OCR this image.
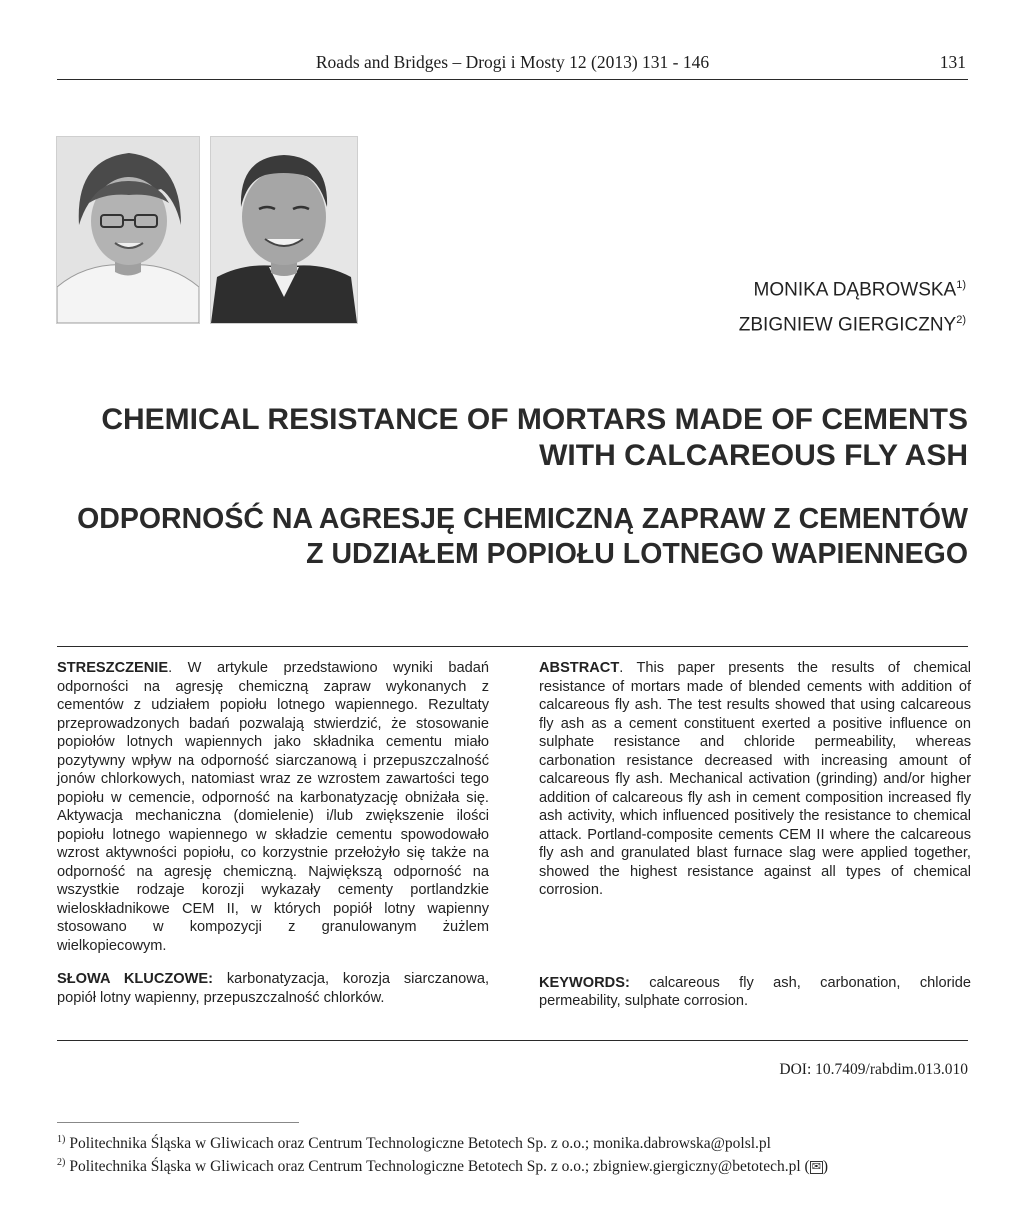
Roads and Bridges – Drogi i Mosty 12 (2013) 131 - 146	131
MONIKA DĄBROWSKA$^{1)}$
ZBIGNIEW GIERGICZNY$^{2)}$
CHEMICAL RESISTANCE OF MORTARS MADE OF CEMENTS
WITH CALCAREOUS FLY ASH
ODPORNOŚĆ NA AGRESJĘ CHEMICZNĄ ZAPRAW Z CEMENTÓW
Z UDZIAŁEM POPIOŁU LOTNEGO WAPIENNEGO
STRESZCZENIE. W artykule przedstawiono wyniki badań odporności na agresję chemiczną zapraw wykonanych z cementów z udziałem popiołu lotnego wapiennego. Rezultaty przeprowadzonych badań pozwalają stwierdzić, że stosowanie popiołów lotnych wapiennych jako składnika cementu miało pozytywny wpływ na odporność siarczanową i przepuszczalność jonów chlorkowych, natomiast wraz ze wzrostem zawartości tego popiołu w cemencie, odporność na karbonatyzację obniżała się. Aktywacja mechaniczna (domielenie) i/lub zwiększenie ilości popiołu lotnego wapiennego w składzie cementu spowodowało wzrost aktywności popiołu, co korzystnie przełożyło się także na odporność na agresję chemiczną. Największą odporność na wszystkie rodzaje korozji wykazały cementy portlandzkie wieloskładnikowe CEM II, w których popiół lotny wapienny stosowano w kompozycji z granulowanym żużlem wielkopiecowym.
SŁOWA KLUCZOWE: karbonatyzacja, korozja siarczanowa, popiół lotny wapienny, przepuszczalność chlorków.
ABSTRACT. This paper presents the results of chemical resistance of mortars made of blended cements with addition of calcareous fly ash. The test results showed that using calcareous fly ash as a cement constituent exerted a positive influence on sulphate resistance and chloride permeability, whereas carbonation resistance decreased with increasing amount of calcareous fly ash. Mechanical activation (grinding) and/or higher addition of calcareous fly ash in cement composition increased fly ash activity, which influenced positively the resistance to chemical attack. Portland-composite cements CEM II where the calcareous fly ash and granulated blast furnace slag were applied together, showed the highest resistance against all types of chemical corrosion.
KEYWORDS: calcareous fly ash, carbonation, chloride permeability, sulphate corrosion.
DOI: 10.7409/rabdim.013.010
$^{1)}$ Politechnika Śląska w Gliwicach oraz Centrum Technologiczne Betotech Sp. z o.o.; monika.dabrowska@polsl.pl
$^{2)}$ Politechnika Śląska w Gliwicach oraz Centrum Technologiczne Betotech Sp. z o.o.; zbigniew.giergiczny@betotech.pl ( ✉ )
